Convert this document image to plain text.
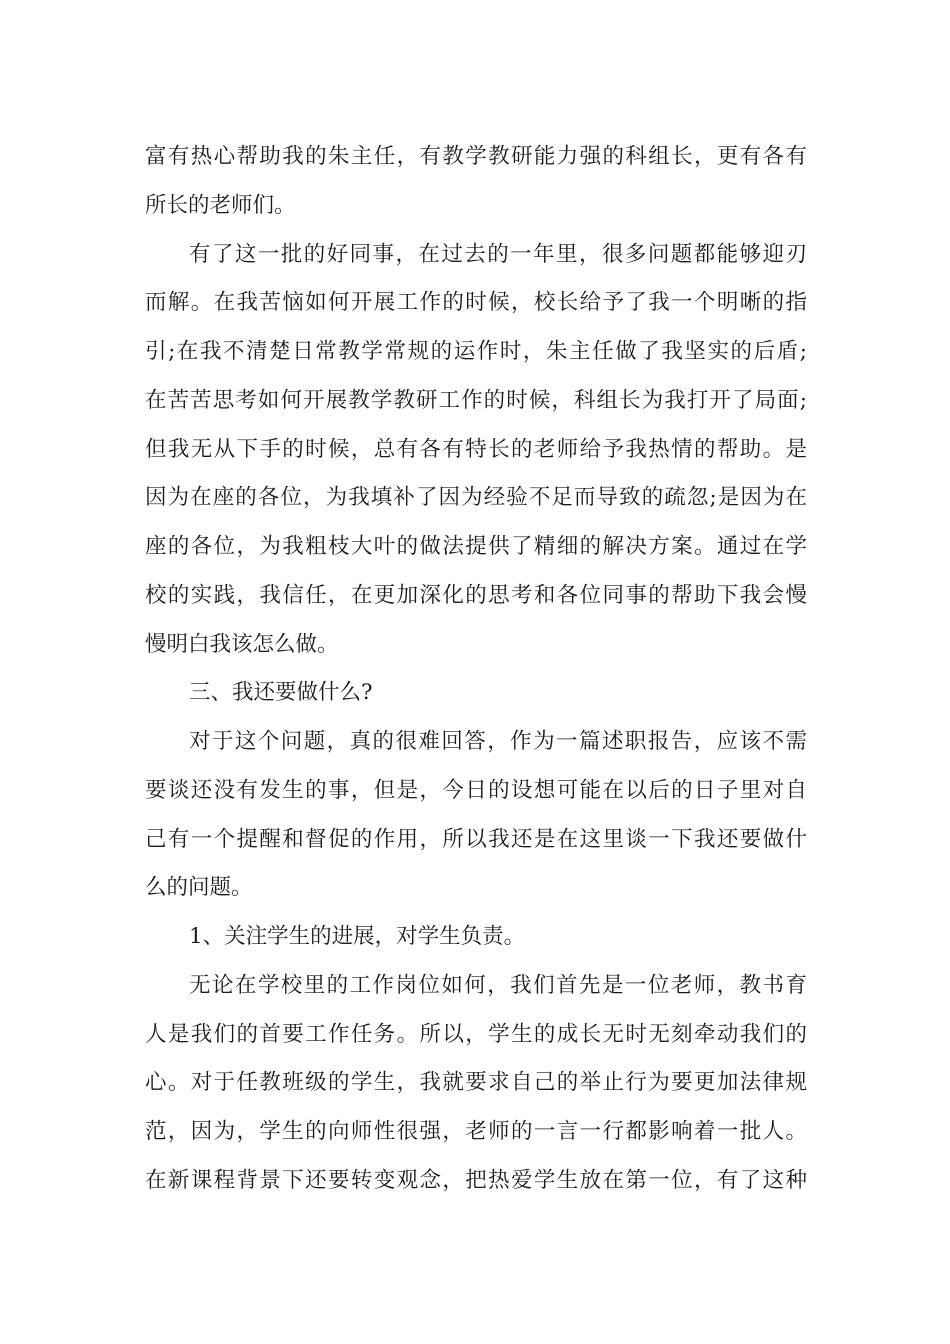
富有热心帮助我的朱主任，有教学教研能力强的科组长，更有各有
所长的老师们。
有了这一批的好同事，在过去的一年里，很多问题都能够迎刃
而解。在我苦恼如何开展工作的时候，校长给予了我一个明晰的指
引;在我不清楚日常教学常规的运作时，朱主任做了我坚实的后盾;
在苦苦思考如何开展教学教研工作的时候，科组长为我打开了局面;
但我无从下手的时候，总有各有特长的老师给予我热情的帮助。是
因为在座的各位，为我填补了因为经验不足而导致的疏忽;是因为在
座的各位，为我粗枝大叶的做法提供了精细的解决方案。通过在学
校的实践，我信任，在更加深化的思考和各位同事的帮助下我会慢
慢明白我该怎么做。
三、我还要做什么?
对于这个问题，真的很难回答，作为一篇述职报告，应该不需
要谈还没有发生的事，但是，今日的设想可能在以后的日子里对自
己有一个提醒和督促的作用，所以我还是在这里谈一下我还要做什
么的问题。
1、关注学生的进展，对学生负责。
无论在学校里的工作岗位如何，我们首先是一位老师，教书育
人是我们的首要工作任务。所以，学生的成长无时无刻牵动我们的
心。对于任教班级的学生，我就要求自己的举止行为要更加法律规
范，因为，学生的向师性很强，老师的一言一行都影响着一批人。
在新课程背景下还要转变观念，把热爱学生放在第一位，有了这种
